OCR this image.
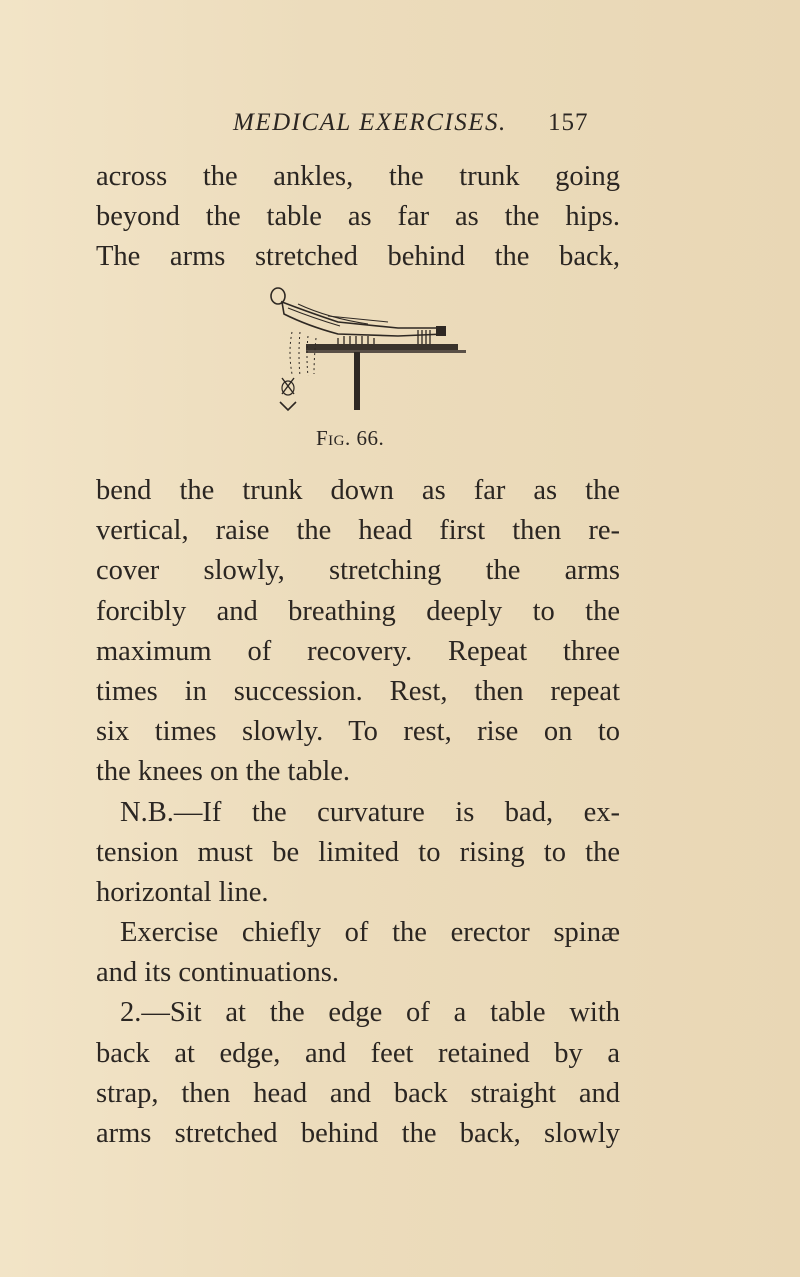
MEDICAL EXERCISES. 157
across the ankles, the trunk going
beyond the table as far as the hips.
The arms stretched behind the back,
Fig. 66.
bend the trunk down as far as the
vertical, raise the head first then re-
cover slowly, stretching the arms
forcibly and breathing deeply to the
maximum of recovery. Repeat three
times in succession. Rest, then repeat
six times slowly. To rest, rise on to
the knees on the table.
N.B.—If the curvature is bad, ex-
tension must be limited to rising to the
horizontal line.
Exercise chiefly of the erector spinæ
and its continuations.
2.—Sit at the edge of a table with
back at edge, and feet retained by a
strap, then head and back straight and
arms stretched behind the back, slowly
